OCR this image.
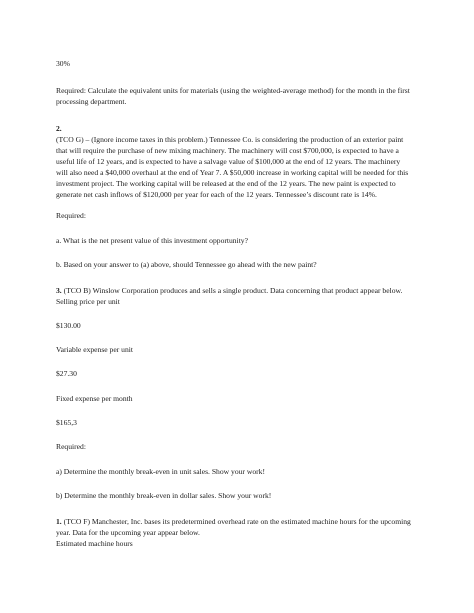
30%
Required: Calculate the equivalent units for materials (using the weighted-average method) for the month in the first
processing department.
2.
(TCO G) – (Ignore income taxes in this problem.) Tennessee Co. is considering the production of an exterior paint
that will require the purchase of new mixing machinery. The machinery will cost $700,000, is expected to have a
useful life of 12 years, and is expected to have a salvage value of $100,000 at the end of 12 years. The machinery
will also need a $40,000 overhaul at the end of Year 7. A $50,000 increase in working capital will be needed for this
investment project. The working capital will be released at the end of the 12 years. The new paint is expected to
generate net cash inflows of $120,000 per year for each of the 12 years. Tennessee’s discount rate is 14%.
Required:
a. What is the net present value of this investment opportunity?
b. Based on your answer to (a) above, should Tennessee go ahead with the new paint?
3. (TCO B) Winslow Corporation produces and sells a single product. Data concerning that product appear below.
Selling price per unit
$130.00
Variable expense per unit
$27.30
Fixed expense per month
$165,3
Required:
a) Determine the monthly break-even in unit sales. Show your work!
b) Determine the monthly break-even in dollar sales. Show your work!
1. (TCO F) Manchester, Inc. bases its predetermined overhead rate on the estimated machine hours for the upcoming
year. Data for the upcoming year appear below.
Estimated machine hours
